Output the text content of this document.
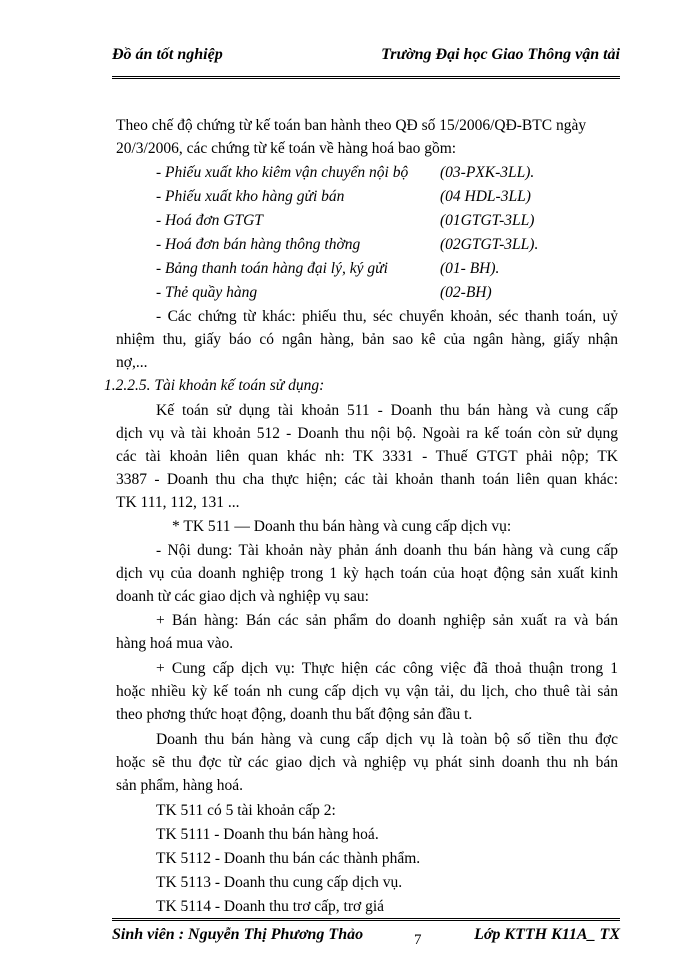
Đồ án tốt nghiệp	Trường Đại học Giao Thông vận tải
Theo chế độ chứng từ kế toán ban hành theo QĐ số 15/2006/QĐ-BTC ngày
20/3/2006, các chứng từ kế toán về hàng hoá bao gồm:
- Phiếu xuất kho kiêm vận chuyển nội bộ (03-PXK-3LL).
- Phiếu xuất kho hàng gửi bán	(04 HDL-3LL)
- Hoá đơn GTGT	(01GTGT-3LL)
- Hoá đơn bán hàng thông thờng	(02GTGT-3LL).
- Bảng thanh toán hàng đại lý, ký gửi	(01- BH).
- Thẻ quầy hàng	(02-BH)
- Các chứng từ khác: phiếu thu, séc chuyển khoản, séc thanh toán, uỷ
nhiệm thu, giấy báo có ngân hàng, bản sao kê của ngân hàng, giấy nhận
nợ,...
1.2.2.5. Tài khoản kế toán sử dụng:
Kế toán sử dụng tài khoản 511 - Doanh thu bán hàng và cung cấp
dịch vụ và tài khoản 512 - Doanh thu nội bộ. Ngoài ra kế toán còn sử dụng
các tài khoản liên quan khác nh: TK 3331 - Thuế GTGT phải nộp; TK
3387 - Doanh thu cha thực hiện; các tài khoản thanh toán liên quan khác:
TK 111, 112, 131 ...
* TK 511 — Doanh thu bán hàng và cung cấp dịch vụ:
- Nội dung: Tài khoản này phản ánh doanh thu bán hàng và cung cấp
dịch vụ của doanh nghiệp trong 1 kỳ hạch toán của hoạt động sản xuất kinh
doanh từ các giao dịch và nghiệp vụ sau:
+ Bán hàng: Bán các sản phẩm do doanh nghiệp sản xuất ra và bán
hàng hoá mua vào.
+ Cung cấp dịch vụ: Thực hiện các công việc đã thoả thuận trong 1
hoặc nhiều kỳ kế toán nh cung cấp dịch vụ vận tải, du lịch, cho thuê tài sản
theo phơng thức hoạt động, doanh thu bất động sản đầu t.
Doanh thu bán hàng và cung cấp dịch vụ là toàn bộ số tiền thu đợc
hoặc sẽ thu đợc từ các giao dịch và nghiệp vụ phát sinh doanh thu nh bán
sản phẩm, hàng hoá.
TK 511 có 5 tài khoản cấp 2:
TK 5111 - Doanh thu bán hàng hoá.
TK 5112 - Doanh thu bán các thành phẩm.
TK 5113 - Doanh thu cung cấp dịch vụ.
TK 5114 - Doanh thu trơ cấp, trơ giá
Sinh viên : Nguyễn Thị Phương Thảo	7	Lớp KTTH K11A_ TX
